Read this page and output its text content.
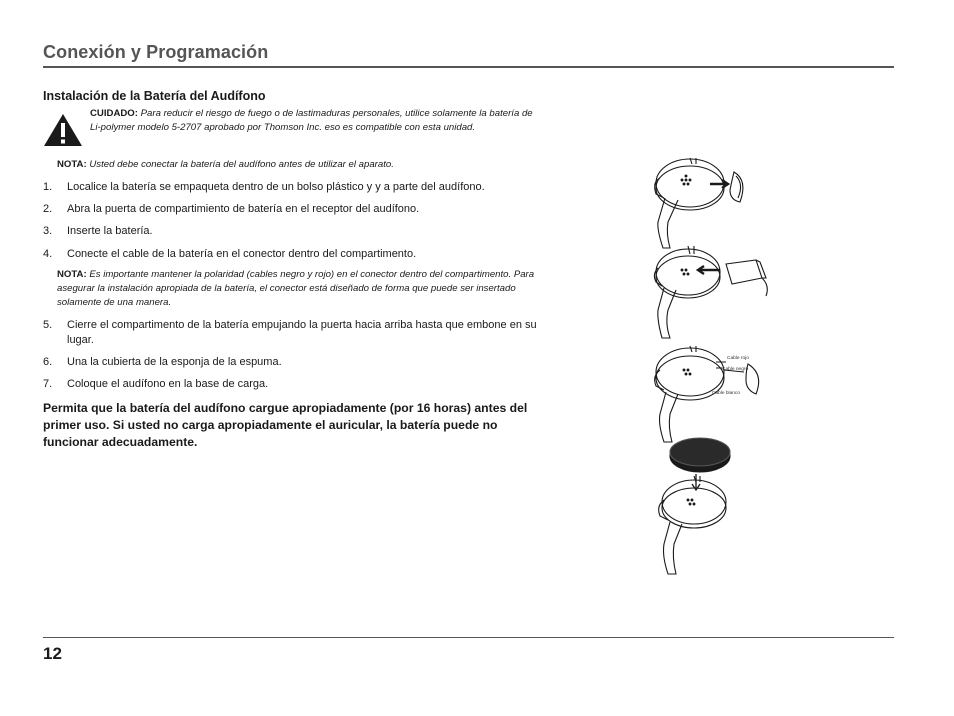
Conexión y Programación
Instalación de la Batería del Audífono
CUIDADO: Para reducir el riesgo de fuego o de lastimaduras personales, utilice solamente la batería de Li-polymer modelo 5-2707 aprobado por Thomson Inc. eso es compatible con esta unidad.
NOTA: Usted debe conectar la batería del audífono antes de utilizar el aparato.
1. Localice la batería se empaqueta dentro de un bolso plástico y y a parte del audífono.
2. Abra la puerta de compartimiento de batería en el receptor del audífono.
3. Inserte la batería.
4. Conecte el cable de la batería en el conector dentro del compartimento.
NOTA: Es importante mantener la polaridad (cables negro y rojo) en el conector dentro del compartimento. Para asegurar la instalación apropiada de la batería, el conector está diseñado de forma que puede ser insertado solamente de una manera.
5. Cierre el compartimento de la batería empujando la puerta hacia arriba hasta que embone en su lugar.
6. Una la cubierta de la esponja de la espuma.
7. Coloque el audífono en la base de carga.
Permita que la batería del audífono cargue apropiadamente (por 16 horas) antes del primer uso. Si usted no carga apropiadamente el auricular, la batería puede no funcionar adecuadamente.
Cable rojo
Cable negro
Cable blanco
12
